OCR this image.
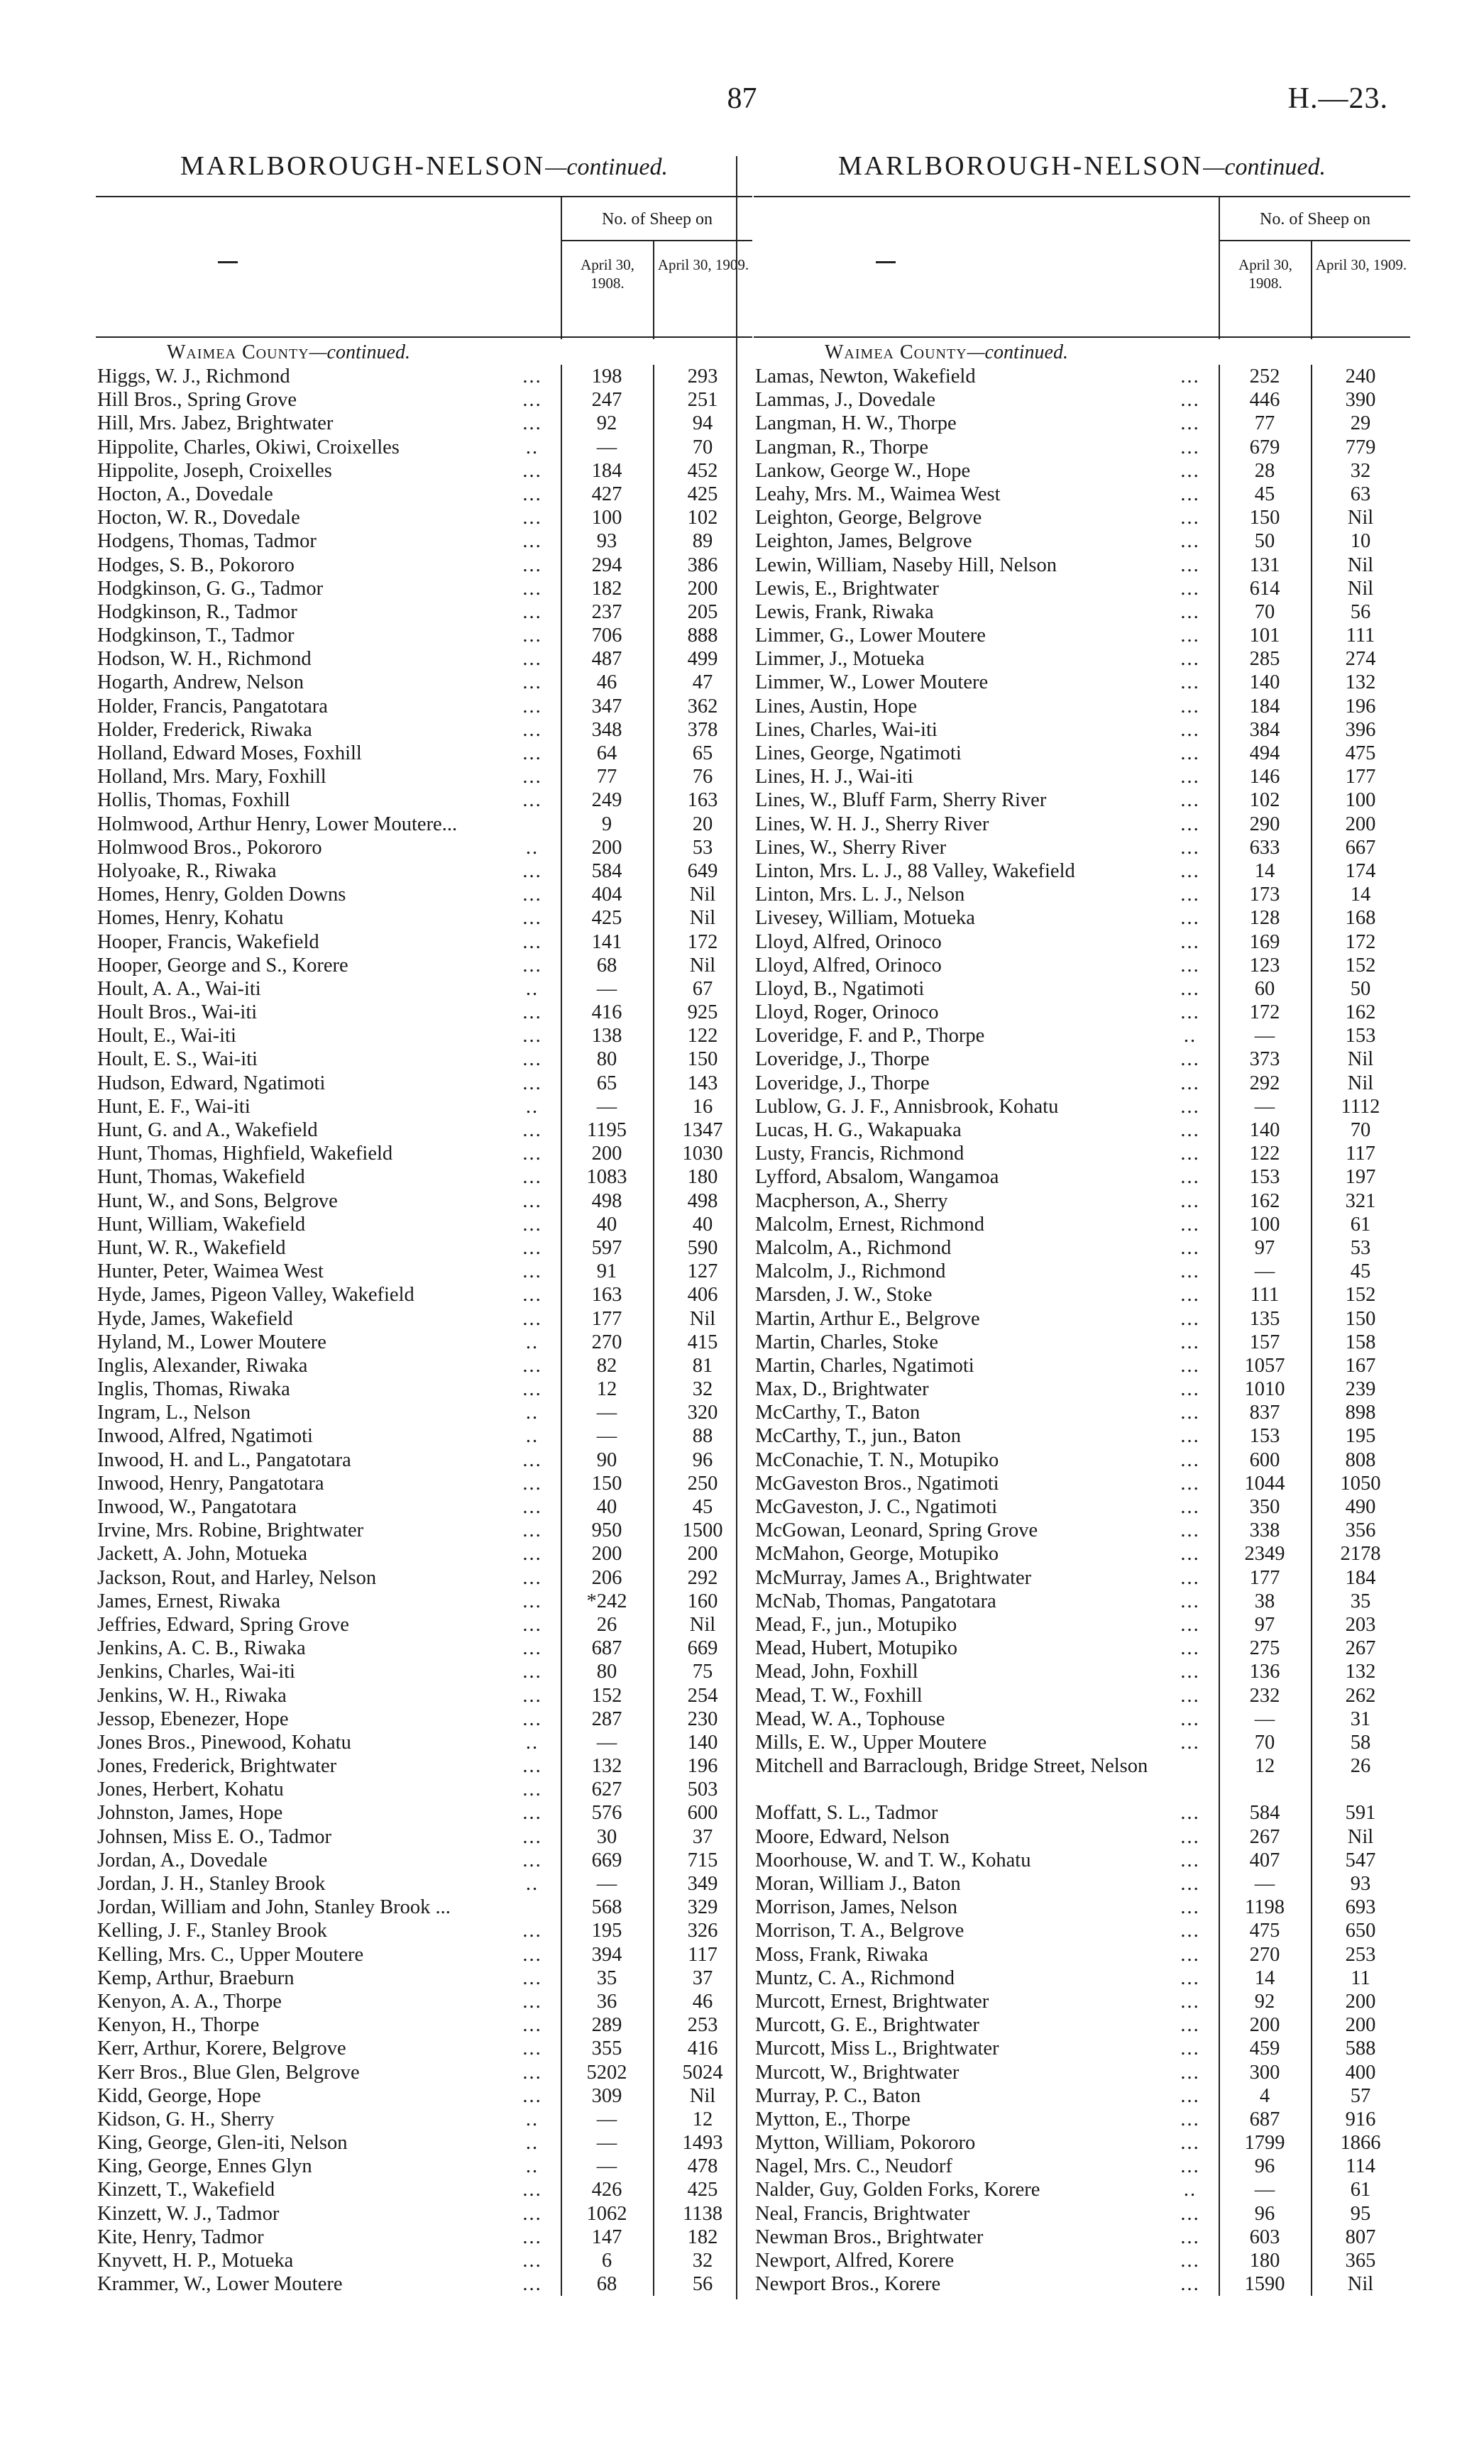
87	H.—23.
MARLBOROUGH-NELSON—continued.
No. of Sheep on
April 30, 1908.
April 30, 1909.
Waimea County—continued.
Higgs, W. J., Richmond	...	198	293
Hill Bros., Spring Grove	...	247	251
Hill, Mrs. Jabez, Brightwater	...	92	94
Hippolite, Charles, Okiwi, Croixelles	..	—	70
Hippolite, Joseph, Croixelles	...	184	452
Hocton, A., Dovedale	...	427	425
Hocton, W. R., Dovedale	...	100	102
Hodgens, Thomas, Tadmor	...	93	89
Hodges, S. B., Pokororo	...	294	386
Hodgkinson, G. G., Tadmor	...	182	200
Hodgkinson, R., Tadmor	...	237	205
Hodgkinson, T., Tadmor	...	706	888
Hodson, W. H., Richmond	...	487	499
Hogarth, Andrew, Nelson	...	46	47
Holder, Francis, Pangatotara	...	347	362
Holder, Frederick, Riwaka	...	348	378
Holland, Edward Moses, Foxhill	...	64	65
Holland, Mrs. Mary, Foxhill	...	77	76
Hollis, Thomas, Foxhill	...	249	163
Holmwood, Arthur Henry, Lower Moutere...	9	20
Holmwood Bros., Pokororo	..	200	53
Holyoake, R., Riwaka	...	584	649
Homes, Henry, Golden Downs	...	404	Nil
Homes, Henry, Kohatu	...	425	Nil
Hooper, Francis, Wakefield	...	141	172
Hooper, George and S., Korere	...	68	Nil
Hoult, A. A., Wai-iti	..	—	67
Hoult Bros., Wai-iti	...	416	925
Hoult, E., Wai-iti	...	138	122
Hoult, E. S., Wai-iti	...	80	150
Hudson, Edward, Ngatimoti	...	65	143
Hunt, E. F., Wai-iti	..	—	16
Hunt, G. and A., Wakefield	...	1195	1347
Hunt, Thomas, Highfield, Wakefield	...	200	1030
Hunt, Thomas, Wakefield	...	1083	180
Hunt, W., and Sons, Belgrove	...	498	498
Hunt, William, Wakefield	...	40	40
Hunt, W. R., Wakefield	...	597	590
Hunter, Peter, Waimea West	...	91	127
Hyde, James, Pigeon Valley, Wakefield	...	163	406
Hyde, James, Wakefield	...	177	Nil
Hyland, M., Lower Moutere	..	270	415
Inglis, Alexander, Riwaka	...	82	81
Inglis, Thomas, Riwaka	...	12	32
Ingram, L., Nelson	..	—	320
Inwood, Alfred, Ngatimoti	..	—	88
Inwood, H. and L., Pangatotara	...	90	96
Inwood, Henry, Pangatotara	...	150	250
Inwood, W., Pangatotara	...	40	45
Irvine, Mrs. Robine, Brightwater	...	950	1500
Jackett, A. John, Motueka	...	200	200
Jackson, Rout, and Harley, Nelson	...	206	292
James, Ernest, Riwaka	...	*242	160
Jeffries, Edward, Spring Grove	...	26	Nil
Jenkins, A. C. B., Riwaka	...	687	669
Jenkins, Charles, Wai-iti	...	80	75
Jenkins, W. H., Riwaka	...	152	254
Jessop, Ebenezer, Hope	...	287	230
Jones Bros., Pinewood, Kohatu	..	—	140
Jones, Frederick, Brightwater	...	132	196
Jones, Herbert, Kohatu	...	627	503
Johnston, James, Hope	...	576	600
Johnsen, Miss E. O., Tadmor	...	30	37
Jordan, A., Dovedale	...	669	715
Jordan, J. H., Stanley Brook	..	—	349
Jordan, William and John, Stanley Brook ...	568	329
Kelling, J. F., Stanley Brook	...	195	326
Kelling, Mrs. C., Upper Moutere	...	394	117
Kemp, Arthur, Braeburn	...	35	37
Kenyon, A. A., Thorpe	...	36	46
Kenyon, H., Thorpe	...	289	253
Kerr, Arthur, Korere, Belgrove	...	355	416
Kerr Bros., Blue Glen, Belgrove	...	5202	5024
Kidd, George, Hope	...	309	Nil
Kidson, G. H., Sherry	..	—	12
King, George, Glen-iti, Nelson	..	—	1493
King, George, Ennes Glyn	..	—	478
Kinzett, T., Wakefield	...	426	425
Kinzett, W. J., Tadmor	...	1062	1138
Kite, Henry, Tadmor	...	147	182
Knyvett, H. P., Motueka	...	6	32
Krammer, W., Lower Moutere	...	68	56
MARLBOROUGH-NELSON—continued.
No. of Sheep on
April 30, 1908.
April 30, 1909.
Waimea County—continued.
Lamas, Newton, Wakefield	...	252	240
Lammas, J., Dovedale	...	446	390
Langman, H. W., Thorpe	...	77	29
Langman, R., Thorpe	...	679	779
Lankow, George W., Hope	...	28	32
Leahy, Mrs. M., Waimea West	...	45	63
Leighton, George, Belgrove	...	150	Nil
Leighton, James, Belgrove	...	50	10
Lewin, William, Naseby Hill, Nelson	...	131	Nil
Lewis, E., Brightwater	...	614	Nil
Lewis, Frank, Riwaka	...	70	56
Limmer, G., Lower Moutere	...	101	111
Limmer, J., Motueka	...	285	274
Limmer, W., Lower Moutere	...	140	132
Lines, Austin, Hope	...	184	196
Lines, Charles, Wai-iti	...	384	396
Lines, George, Ngatimoti	...	494	475
Lines, H. J., Wai-iti	...	146	177
Lines, W., Bluff Farm, Sherry River	...	102	100
Lines, W. H. J., Sherry River	...	290	200
Lines, W., Sherry River	...	633	667
Linton, Mrs. L. J., 88 Valley, Wakefield	...	14	174
Linton, Mrs. L. J., Nelson	...	173	14
Livesey, William, Motueka	...	128	168
Lloyd, Alfred, Orinoco	...	169	172
Lloyd, Alfred, Orinoco	...	123	152
Lloyd, B., Ngatimoti	...	60	50
Lloyd, Roger, Orinoco	...	172	162
Loveridge, F. and P., Thorpe	..	—	153
Loveridge, J., Thorpe	...	373	Nil
Loveridge, J., Thorpe	...	292	Nil
Lublow, G. J. F., Annisbrook, Kohatu	...	—	1112
Lucas, H. G., Wakapuaka	...	140	70
Lusty, Francis, Richmond	...	122	117
Lyfford, Absalom, Wangamoa	...	153	197
Macpherson, A., Sherry	...	162	321
Malcolm, Ernest, Richmond	...	100	61
Malcolm, A., Richmond	...	97	53
Malcolm, J., Richmond	...	—	45
Marsden, J. W., Stoke	...	111	152
Martin, Arthur E., Belgrove	...	135	150
Martin, Charles, Stoke	...	157	158
Martin, Charles, Ngatimoti	...	1057	167
Max, D., Brightwater	...	1010	239
McCarthy, T., Baton	...	837	898
McCarthy, T., jun., Baton	...	153	195
McConachie, T. N., Motupiko	...	600	808
McGaveston Bros., Ngatimoti	...	1044	1050
McGaveston, J. C., Ngatimoti	...	350	490
McGowan, Leonard, Spring Grove	...	338	356
McMahon, George, Motupiko	...	2349	2178
McMurray, James A., Brightwater	...	177	184
McNab, Thomas, Pangatotara	...	38	35
Mead, F., jun., Motupiko	...	97	203
Mead, Hubert, Motupiko	...	275	267
Mead, John, Foxhill	...	136	132
Mead, T. W., Foxhill	...	232	262
Mead, W. A., Tophouse	...	—	31
Mills, E. W., Upper Moutere	...	70	58
Mitchell and Barraclough, Bridge Street, Nelson	12	26
Moffatt, S. L., Tadmor	...	584	591
Moore, Edward, Nelson	...	267	Nil
Moorhouse, W. and T. W., Kohatu	...	407	547
Moran, William J., Baton	...	—	93
Morrison, James, Nelson	...	1198	693
Morrison, T. A., Belgrove	...	475	650
Moss, Frank, Riwaka	...	270	253
Muntz, C. A., Richmond	...	14	11
Murcott, Ernest, Brightwater	...	92	200
Murcott, G. E., Brightwater	...	200	200
Murcott, Miss L., Brightwater	...	459	588
Murcott, W., Brightwater	...	300	400
Murray, P. C., Baton	...	4	57
Mytton, E., Thorpe	...	687	916
Mytton, William, Pokororo	...	1799	1866
Nagel, Mrs. C., Neudorf	...	96	114
Nalder, Guy, Golden Forks, Korere	..	—	61
Neal, Francis, Brightwater	...	96	95
Newman Bros., Brightwater	...	603	807
Newport, Alfred, Korere	...	180	365
Newport Bros., Korere	...	1590	Nil
